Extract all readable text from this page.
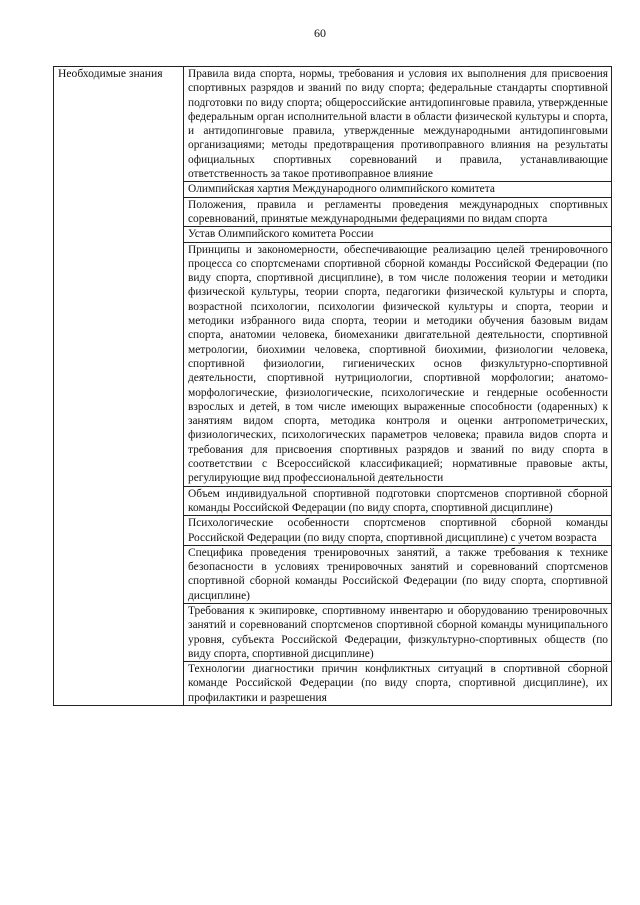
60
Необходимые знания	Правила вида спорта, нормы, требования и условия их выполнения для присвоения спортивных разрядов и званий по виду спорта; федеральные стандарты спортивной подготовки по виду спорта; общероссийские антидопинговые правила, утвержденные федеральным орган исполнительной власти в области физической культуры и спорта, и антидопинговые правила, утвержденные международными антидопинговыми организациями; методы предотвращения противоправного влияния на результаты официальных спортивных соревнований и правила, устанавливающие ответственность за такое противоправное влияние
Олимпийская хартия Международного олимпийского комитета
Положения, правила и регламенты проведения международных спортивных соревнований, принятые международными федерациями по видам спорта
Устав Олимпийского комитета России
Принципы и закономерности, обеспечивающие реализацию целей тренировочного процесса со спортсменами спортивной сборной команды Российской Федерации (по виду спорта, спортивной дисциплине), в том числе положения теории и методики физической культуры, теории спорта, педагогики физической культуры и спорта, возрастной психологии, психологии физической культуры и спорта, теории и методики избранного вида спорта, теории и методики обучения базовым видам спорта, анатомии человека, биомеханики двигательной деятельности, спортивной метрологии, биохимии человека, спортивной биохимии, физиологии человека, спортивной физиологии, гигиенических основ физкультурно-спортивной деятельности, спортивной нутрициологии, спортивной морфологии; анатомо-морфологические, физиологические, психологические и гендерные особенности взрослых и детей, в том числе имеющих выраженные способности (одаренных) к занятиям видом спорта, методика контроля и оценки антропометрических, физиологических, психологических параметров человека; правила видов спорта и требования для присвоения спортивных разрядов и званий по виду спорта в соответствии с Всероссийской классификацией; нормативные правовые акты, регулирующие вид профессиональной деятельности
Объем индивидуальной спортивной подготовки спортсменов спортивной сборной команды Российской Федерации (по виду спорта, спортивной дисциплине)
Психологические особенности спортсменов спортивной сборной команды Российской Федерации (по виду спорта, спортивной дисциплине) с учетом возраста
Специфика проведения тренировочных занятий, а также требования к технике безопасности в условиях тренировочных занятий и соревнований спортсменов спортивной сборной команды Российской Федерации (по виду спорта, спортивной дисциплине)
Требования к экипировке, спортивному инвентарю и оборудованию тренировочных занятий и соревнований спортсменов спортивной сборной команды муниципального уровня, субъекта Российской Федерации, физкультурно-спортивных обществ (по виду спорта, спортивной дисциплине)
Технологии диагностики причин конфликтных ситуаций в спортивной сборной команде Российской Федерации (по виду спорта, спортивной дисциплине), их профилактики и разрешения
